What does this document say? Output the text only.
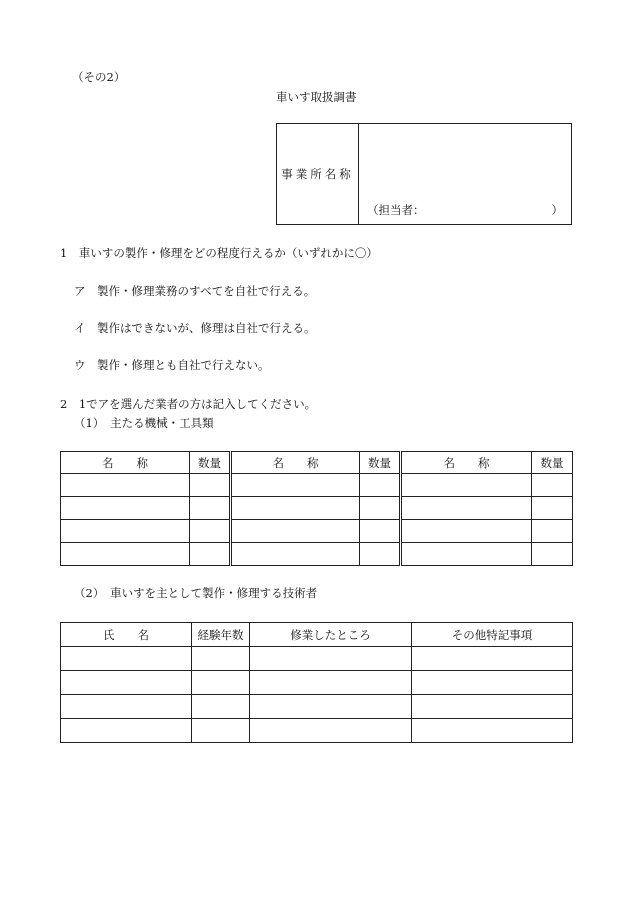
（その2）
車いす取扱調書
事業所名称	
（担当者：	）
1　車いすの製作・修理をどの程度行えるか（いずれかに〇）
ア　製作・修理業務のすべてを自社で行える。
イ　製作はできないが、修理は自社で行える。
ウ　製作・修理とも自社で行えない。
2　1でアを選んだ業者の方は記入してください。
（1）　主たる機械・工具類
名　　称	数量	名　　称	数量	名　　称	数量

（2）　車いすを主として製作・修理する技術者
氏　　名	経験年数	修業したところ	その他特記事項
